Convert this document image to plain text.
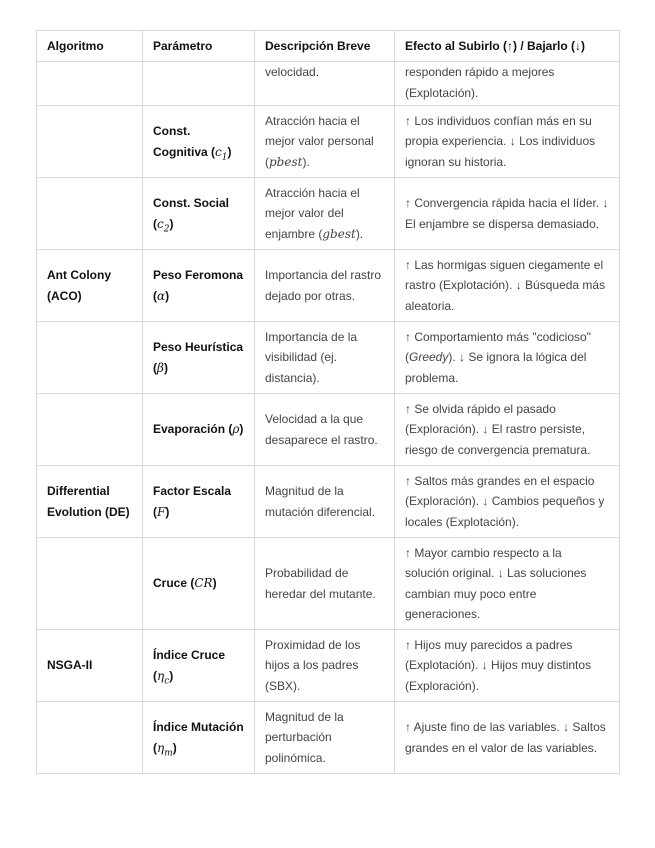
Algoritmo	Parámetro	Descripción Breve	Efecto al Subirlo (↑) / Bajarlo (↓)
		velocidad.	responden rápido a mejores (Explotación).
	Const. Cognitiva $(c_1)$	Atracción hacia el mejor valor personal (pbest).	↑ Los individuos confían más en su propia experiencia. ↓ Los individuos ignoran su historia.
	Const. Social $(c_2)$	Atracción hacia el mejor valor del enjambre (gbest).	↑ Convergencia rápida hacia el líder. ↓ El enjambre se dispersa demasiado.
Ant Colony (ACO)	Peso Feromona (α)	Importancia del rastro dejado por otras.	↑ Las hormigas siguen ciegamente el rastro (Explotación). ↓ Búsqueda más aleatoria.
	Peso Heurística (β)	Importancia de la visibilidad (ej. distancia).	↑ Comportamiento más "codicioso" (Greedy). ↓ Se ignora la lógica del problema.
	Evaporación (ρ)	Velocidad a la que desaparece el rastro.	↑ Se olvida rápido el pasado (Exploración). ↓ El rastro persiste, riesgo de convergencia prematura.
Differential Evolution (DE)	Factor Escala (F)	Magnitud de la mutación diferencial.	↑ Saltos más grandes en el espacio (Exploración). ↓ Cambios pequeños y locales (Explotación).
	Cruce (CR)	Probabilidad de heredar del mutante.	↑ Mayor cambio respecto a la solución original. ↓ Las soluciones cambian muy poco entre generaciones.
NSGA-II	Índice Cruce $(\eta_c)$	Proximidad de los hijos a los padres (SBX).	↑ Hijos muy parecidos a padres (Explotación). ↓ Hijos muy distintos (Exploración).
	Índice Mutación $(\eta_m)$	Magnitud de la perturbación polinómica.	↑ Ajuste fino de las variables. ↓ Saltos grandes en el valor de las variables.
